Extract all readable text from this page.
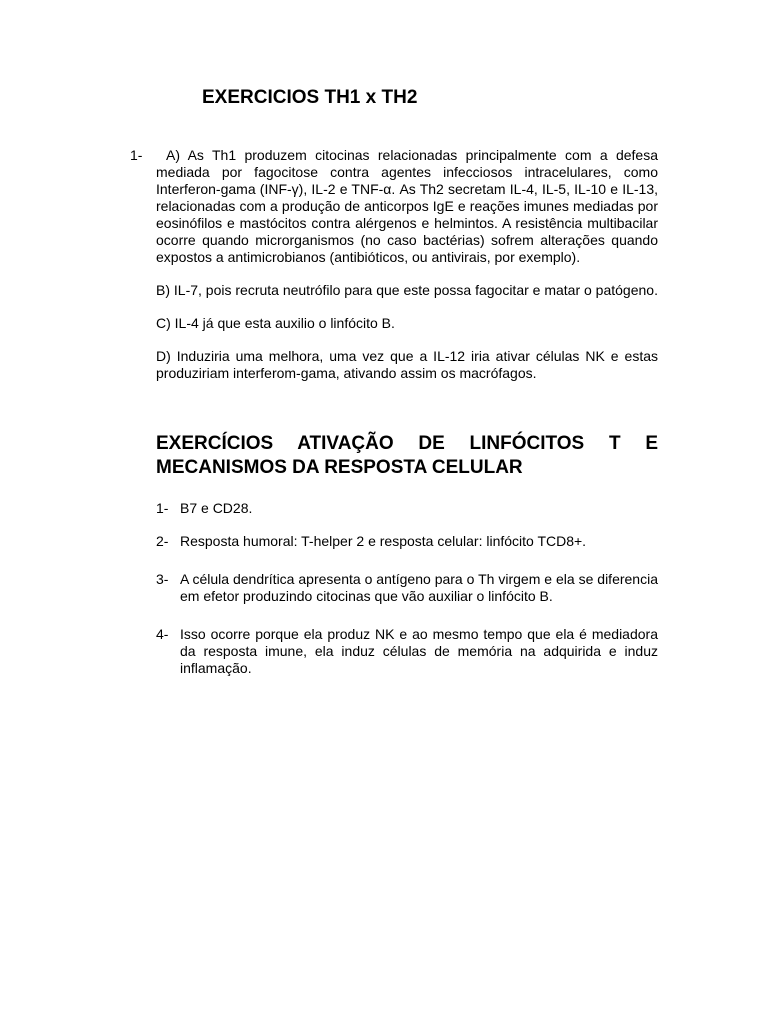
EXERCICIOS TH1 x TH2
1-	A) As Th1 produzem citocinas relacionadas principalmente com a defesa mediada por fagocitose contra agentes infecciosos intracelulares, como Interferon-gama (INF-γ), IL-2 e TNF-α. As Th2 secretam IL-4, IL-5, IL-10 e IL-13, relacionadas com a produção de anticorpos IgE e reações imunes mediadas por eosinófilos e mastócitos contra alérgenos e helmintos. A resistência multibacilar ocorre quando microrganismos (no caso bactérias) sofrem alterações quando expostos a antimicrobianos (antibióticos, ou antivirais, por exemplo).

B) IL-7, pois recruta neutrófilo para que este possa fagocitar e matar o patógeno.

C) IL-4 já que esta auxilio o linfócito B.

D) Induziria uma melhora, uma vez que a IL-12 iria ativar células NK e estas produziriam interferom-gama, ativando assim os macrófagos.

EXERCÍCIOS ATIVAÇÃO DE LINFÓCITOS T E MECANISMOS DA RESPOSTA CELULAR
1- B7 e CD28.
2- Resposta humoral: T-helper 2 e resposta celular: linfócito TCD8+.
3- A célula dendrítica apresenta o antígeno para o Th virgem e ela se diferencia em efetor produzindo citocinas que vão auxiliar o linfócito B.
4- Isso ocorre porque ela produz NK e ao mesmo tempo que ela é mediadora da resposta imune, ela induz células de memória na adquirida e induz inflamação.
